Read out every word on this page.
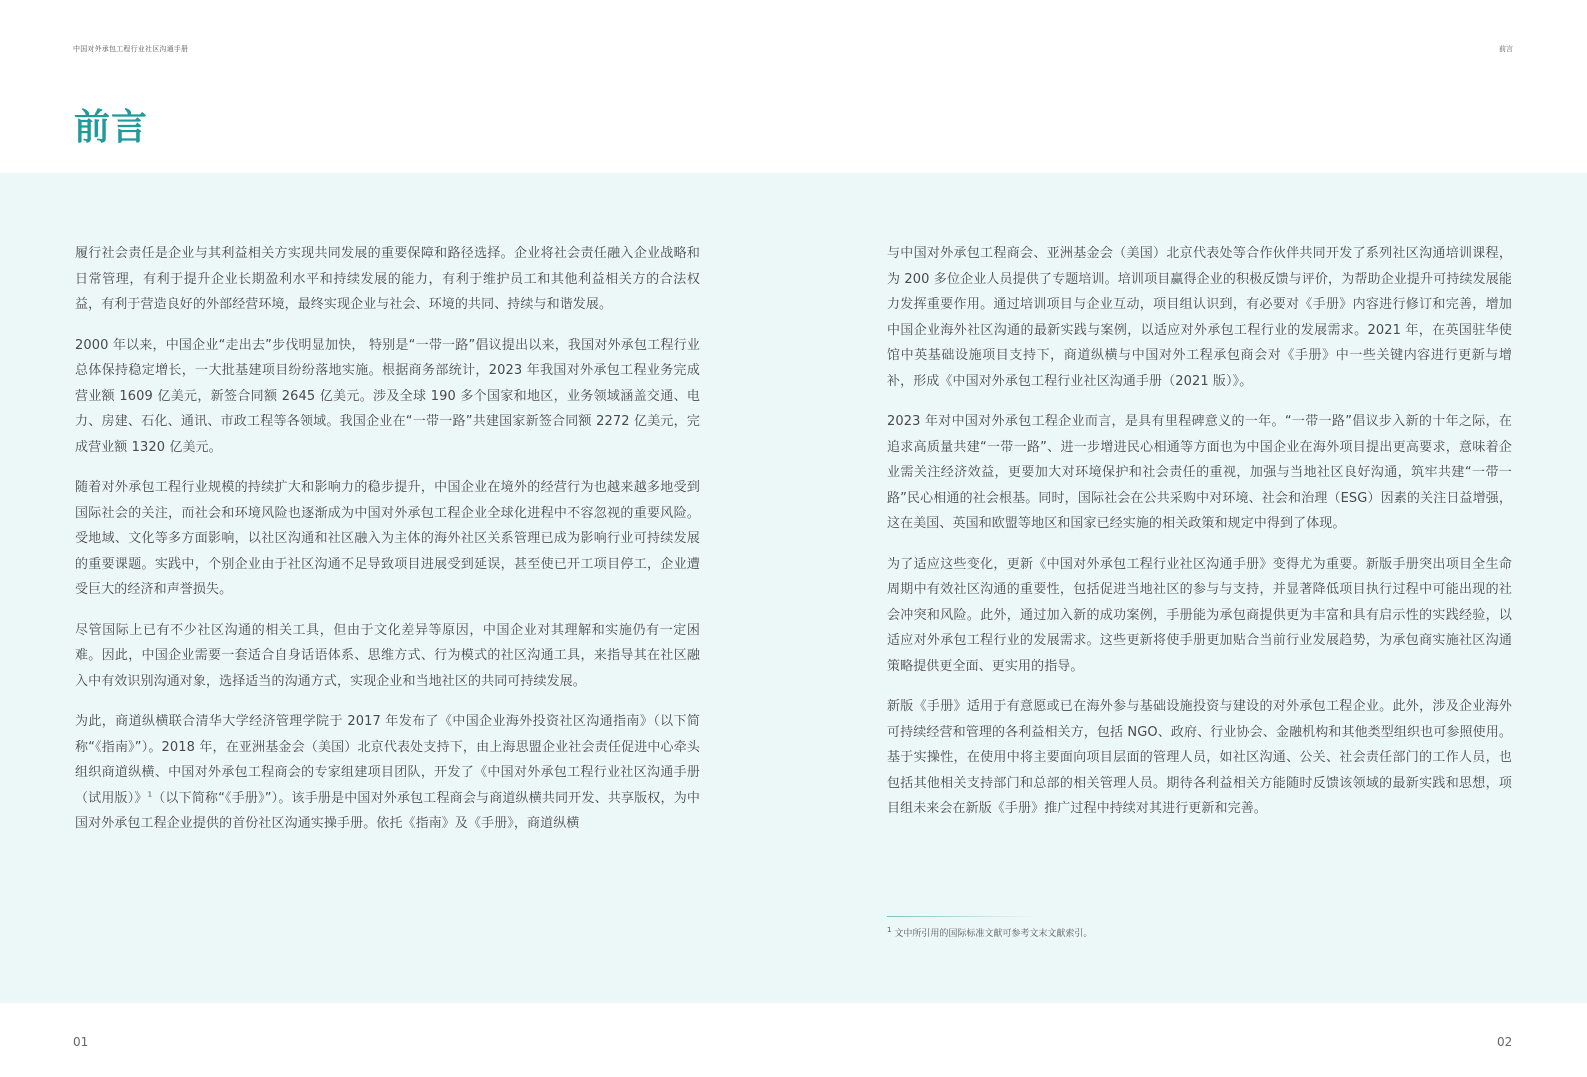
中国对外承包工程行业社区沟通手册	前言
前言

履行社会责任是企业与其利益相关方实现共同发展的重要保障和路径选择。企业将社会责任融入企业战略和日常管理，有利于提升企业长期盈利水平和持续发展的能力，有利于维护员工和其他利益相关方的合法权益，有利于营造良好的外部经营环境，最终实现企业与社会、环境的共同、持续与和谐发展。

2000 年以来，中国企业“走出去”步伐明显加快， 特别是“一带一路”倡议提出以来，我国对外承包工程行业总体保持稳定增长，一大批基建项目纷纷落地实施。根据商务部统计，2023 年我国对外承包工程业务完成营业额 1609 亿美元，新签合同额 2645 亿美元。涉及全球 190 多个国家和地区，业务领域涵盖交通、电力、房建、石化、通讯、市政工程等各领域。我国企业在“一带一路”共建国家新签合同额 2272 亿美元，完成营业额 1320 亿美元。

随着对外承包工程行业规模的持续扩大和影响力的稳步提升，中国企业在境外的经营行为也越来越多地受到国际社会的关注，而社会和环境风险也逐渐成为中国对外承包工程企业全球化进程中不容忽视的重要风险。受地域、文化等多方面影响，以社区沟通和社区融入为主体的海外社区关系管理已成为影响行业可持续发展的重要课题。实践中，个别企业由于社区沟通不足导致项目进展受到延误，甚至使已开工项目停工，企业遭受巨大的经济和声誉损失。

尽管国际上已有不少社区沟通的相关工具，但由于文化差异等原因，中国企业对其理解和实施仍有一定困难。因此，中国企业需要一套适合自身话语体系、思维方式、行为模式的社区沟通工具，来指导其在社区融入中有效识别沟通对象，选择适当的沟通方式，实现企业和当地社区的共同可持续发展。

为此，商道纵横联合清华大学经济管理学院于 2017 年发布了《中国企业海外投资社区沟通指南》（以下简称“《指南》”）。2018 年，在亚洲基金会（美国）北京代表处支持下，由上海思盟企业社会责任促进中心牵头组织商道纵横、中国对外承包工程商会的专家组建项目团队，开发了《中国对外承包工程行业社区沟通手册（试用版）》$^1$（以下简称“《手册》”）。该手册是中国对外承包工程商会与商道纵横共同开发、共享版权，为中国对外承包工程企业提供的首份社区沟通实操手册。依托《指南》及《手册》，商道纵横

与中国对外承包工程商会、亚洲基金会（美国）北京代表处等合作伙伴共同开发了系列社区沟通培训课程，为 200 多位企业人员提供了专题培训。培训项目赢得企业的积极反馈与评价，为帮助企业提升可持续发展能力发挥重要作用。通过培训项目与企业互动，项目组认识到，有必要对《手册》内容进行修订和完善，增加中国企业海外社区沟通的最新实践与案例，以适应对外承包工程行业的发展需求。2021 年，在英国驻华使馆中英基础设施项目支持下，商道纵横与中国对外工程承包商会对《手册》中一些关键内容进行更新与增补，形成《中国对外承包工程行业社区沟通手册（2021 版）》。

2023 年对中国对外承包工程企业而言，是具有里程碑意义的一年。“一带一路”倡议步入新的十年之际，在追求高质量共建“一带一路”、进一步增进民心相通等方面也为中国企业在海外项目提出更高要求，意味着企业需关注经济效益，更要加大对环境保护和社会责任的重视，加强与当地社区良好沟通，筑牢共建“一带一路”民心相通的社会根基。同时，国际社会在公共采购中对环境、社会和治理（ESG）因素的关注日益增强，这在美国、英国和欧盟等地区和国家已经实施的相关政策和规定中得到了体现。

为了适应这些变化，更新《中国对外承包工程行业社区沟通手册》变得尤为重要。新版手册突出项目全生命周期中有效社区沟通的重要性，包括促进当地社区的参与与支持，并显著降低项目执行过程中可能出现的社会冲突和风险。此外，通过加入新的成功案例，手册能为承包商提供更为丰富和具有启示性的实践经验，以适应对外承包工程行业的发展需求。这些更新将使手册更加贴合当前行业发展趋势，为承包商实施社区沟通策略提供更全面、更实用的指导。

新版《手册》适用于有意愿或已在海外参与基础设施投资与建设的对外承包工程企业。此外，涉及企业海外可持续经营和管理的各利益相关方，包括 NGO、政府、行业协会、金融机构和其他类型组织也可参照使用。基于实操性，在使用中将主要面向项目层面的管理人员，如社区沟通、公关、社会责任部门的工作人员，也包括其他相关支持部门和总部的相关管理人员。期待各利益相关方能随时反馈该领域的最新实践和思想，项目组未来会在新版《手册》推广过程中持续对其进行更新和完善。

$^1$ 文中所引用的国际标准文献可参考文末文献索引。
01	02
